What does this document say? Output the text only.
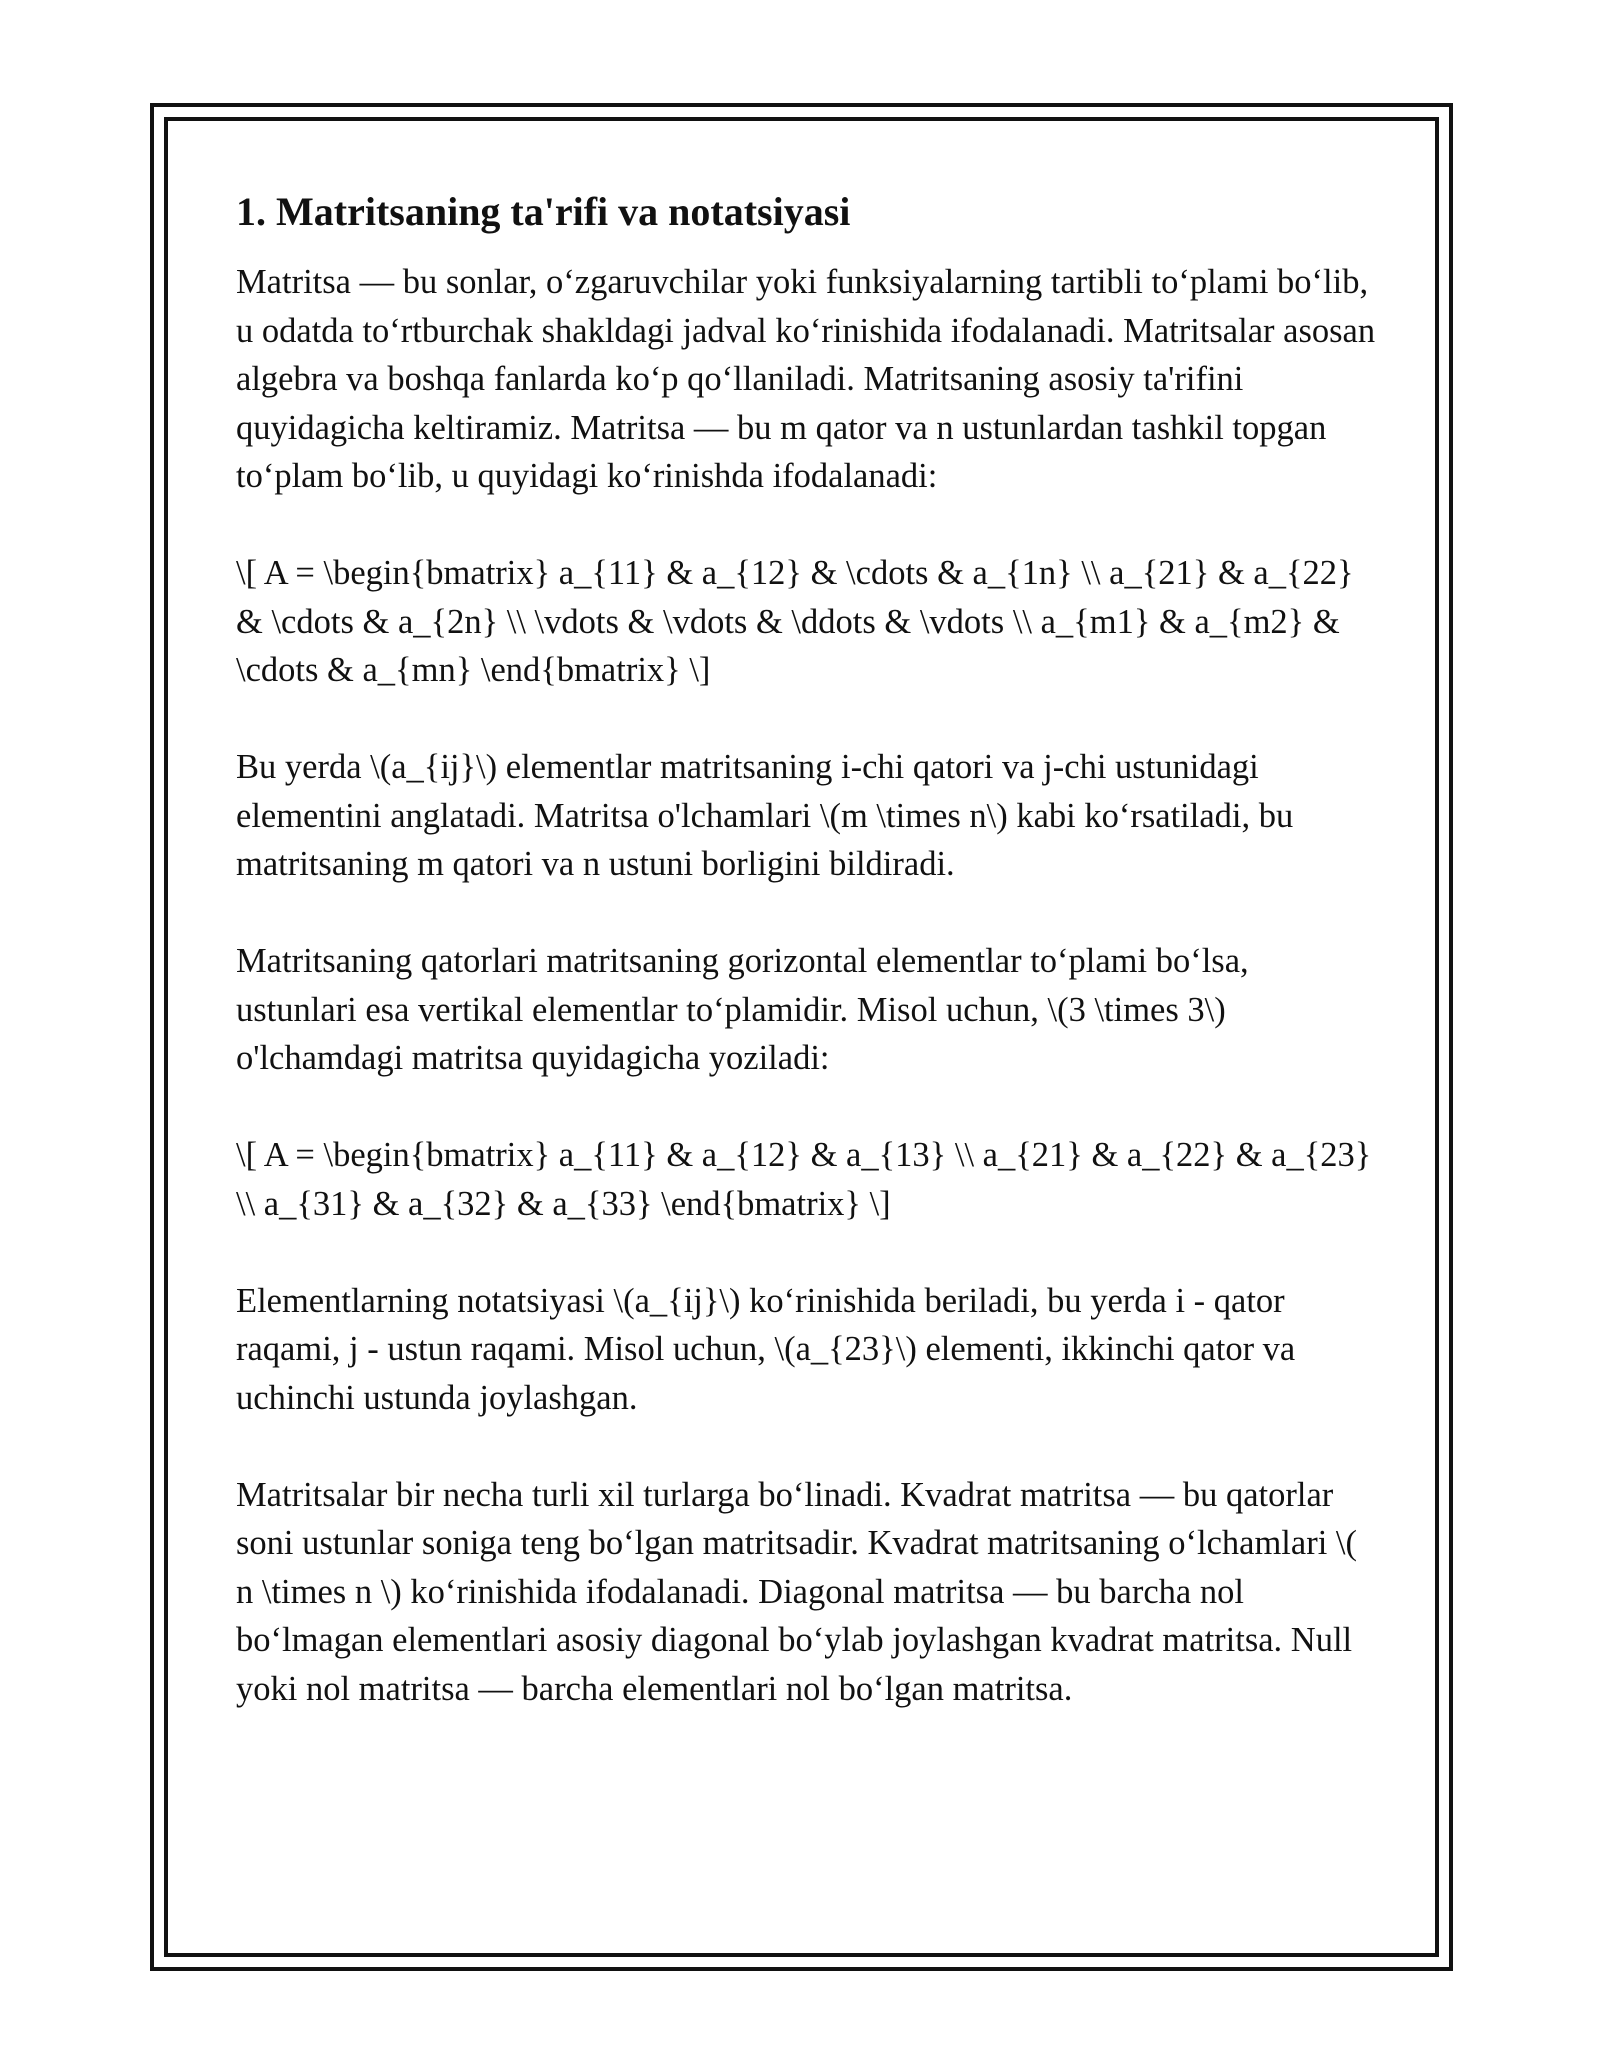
1. Matritsaning ta'rifi va notatsiyasi

Matritsa — bu sonlar, o‘zgaruvchilar yoki funksiyalarning tartibli to‘plami bo‘lib, u odatda to‘rtburchak shakldagi jadval ko‘rinishida ifodalanadi. Matritsalar asosan algebra va boshqa fanlarda ko‘p qo‘llaniladi. Matritsaning asosiy ta'rifini quyidagicha keltiramiz. Matritsa — bu m qator va n ustunlardan tashkil topgan to‘plam bo‘lib, u quyidagi ko‘rinishda ifodalanadi:

\[ A = \begin{bmatrix} a_{11} & a_{12} & \cdots & a_{1n} \\ a_{21} & a_{22} & \cdots & a_{2n} \\ \vdots & \vdots & \ddots & \vdots \\ a_{m1} & a_{m2} & \cdots & a_{mn} \end{bmatrix} \]

Bu yerda \(a_{ij}\) elementlar matritsaning i-chi qatori va j-chi ustunidagi elementini anglatadi. Matritsa o'lchamlari \(m \times n\) kabi ko‘rsatiladi, bu matritsaning m qatori va n ustuni borligini bildiradi.

Matritsaning qatorlari matritsaning gorizontal elementlar to‘plami bo‘lsa, ustunlari esa vertikal elementlar to‘plamidir. Misol uchun, \(3 \times 3\) o'lchamdagi matritsa quyidagicha yoziladi:

\[ A = \begin{bmatrix} a_{11} & a_{12} & a_{13} \\ a_{21} & a_{22} & a_{23} \\ a_{31} & a_{32} & a_{33} \end{bmatrix} \]

Elementlarning notatsiyasi \(a_{ij}\) ko‘rinishida beriladi, bu yerda i - qator raqami, j - ustun raqami. Misol uchun, \(a_{23}\) elementi, ikkinchi qator va uchinchi ustunda joylashgan.

Matritsalar bir necha turli xil turlarga bo‘linadi. Kvadrat matritsa — bu qatorlar soni ustunlar soniga teng bo‘lgan matritsadir. Kvadrat matritsaning o‘lchamlari \( n \times n \) ko‘rinishida ifodalanadi. Diagonal matritsa — bu barcha nol bo‘lmagan elementlari asosiy diagonal bo‘ylab joylashgan kvadrat matritsa. Null yoki nol matritsa — barcha elementlari nol bo‘lgan matritsa.
